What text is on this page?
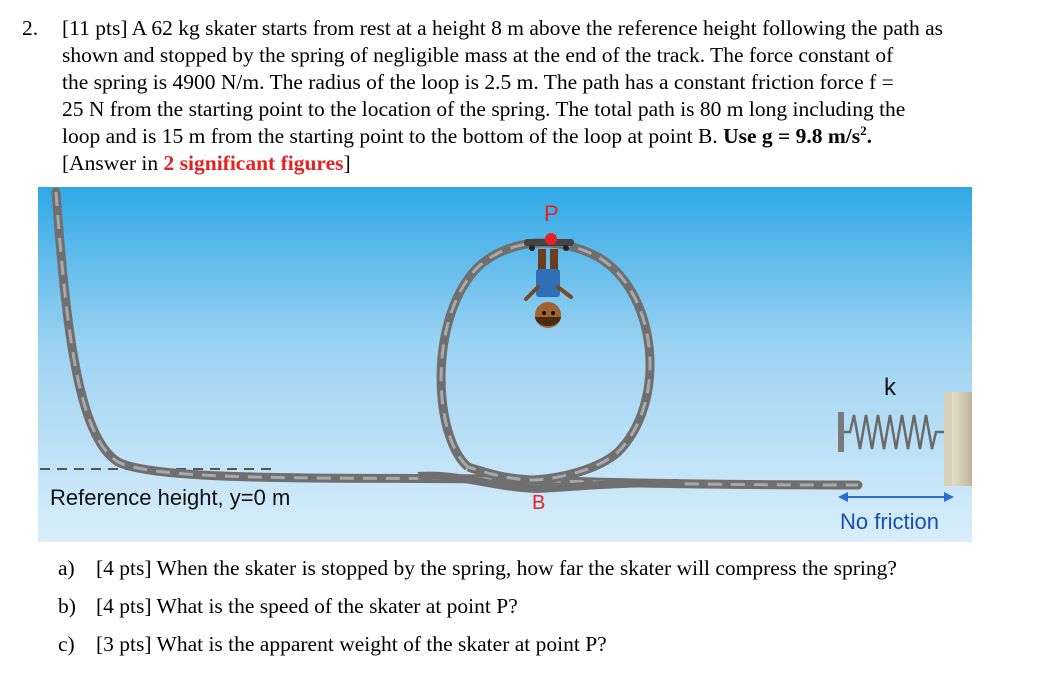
2. [11 pts] A 62 kg skater starts from rest at a height 8 m above the reference height following the path as
shown and stopped by the spring of negligible mass at the end of the track. The force constant of
the spring is 4900 N/m. The radius of the loop is 2.5 m. The path has a constant friction force f =
25 N from the starting point to the location of the spring. The total path is 80 m long including the
loop and is 15 m from the starting point to the bottom of the loop at point B. Use g = 9.8 $m/s^2$.
[Answer in 2 significant figures]
P
B
Reference height, y=0 m
k
No friction
a) [4 pts] When the skater is stopped by the spring, how far the skater will compress the spring?
b) [4 pts] What is the speed of the skater at point P?
c) [3 pts] What is the apparent weight of the skater at point P?
